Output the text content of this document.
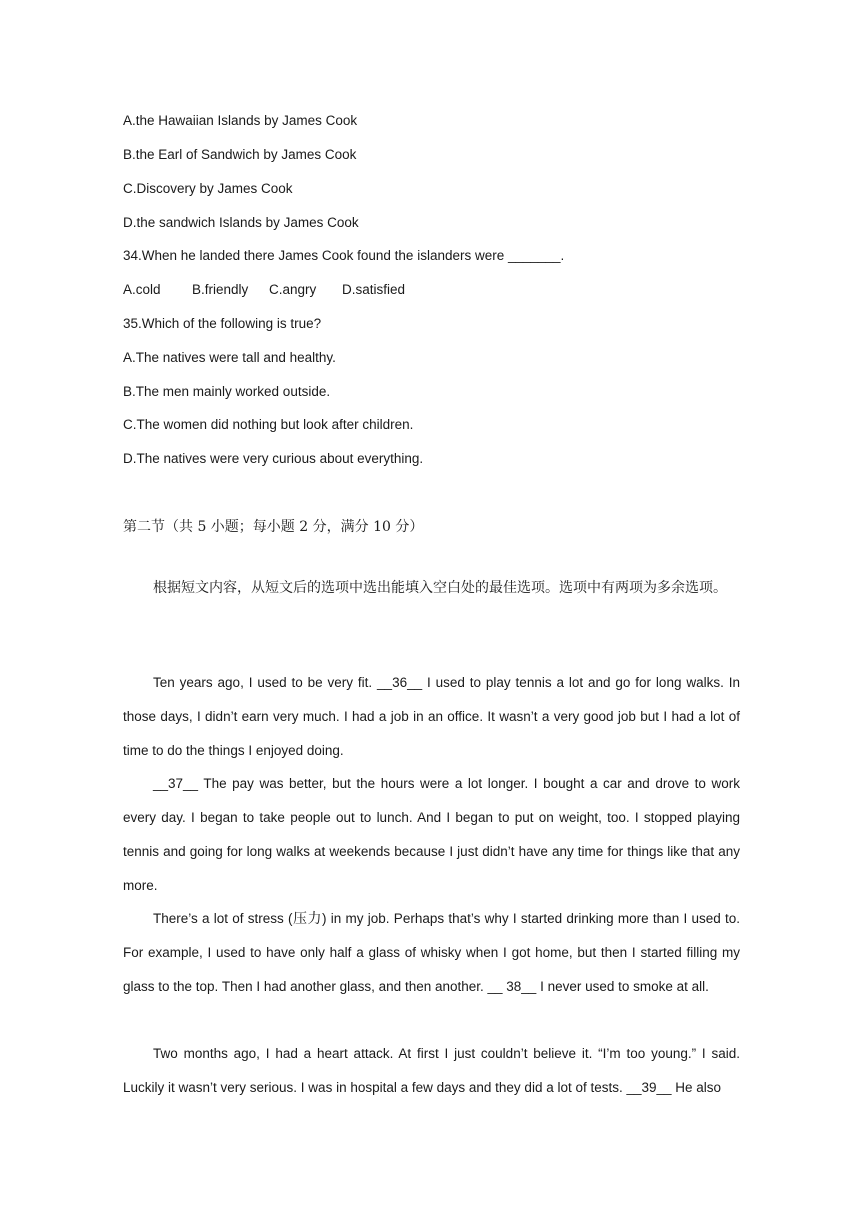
A.the Hawaiian Islands by James Cook
B.the Earl of Sandwich by James Cook
C.Discovery by James Cook
D.the sandwich Islands by James Cook
34.When he landed there James Cook found the islanders were _______.
A.cold B.friendly C.angry D.satisfied
35.Which of the following is true?
A.The natives were tall and healthy.
B.The men mainly worked outside.
C.The women did nothing but look after children.
D.The natives were very curious about everything.
第二节（共 5 小题；每小题 2 分，满分 10 分）

根据短文内容，从短文后的选项中选出能填入空白处的最佳选项。选项中有两项为多余选项。

Ten years ago, I used to be very fit. __36__ I used to play tennis a lot and go for long walks. In those days, I didn’t earn very much. I had a job in an office. It wasn’t a very good job but I had a lot of time to do the things I enjoyed doing.

__37__ The pay was better, but the hours were a lot longer. I bought a car and drove to work every day. I began to take people out to lunch. And I began to put on weight, too. I stopped playing tennis and going for long walks at weekends because I just didn’t have any time for things like that any more.

There’s a lot of stress (压力) in my job. Perhaps that’s why I started drinking more than I used to. For example, I used to have only half a glass of whisky when I got home, but then I started filling my glass to the top. Then I had another glass, and then another. __ 38__ I never used to smoke at all.

Two months ago, I had a heart attack. At first I just couldn’t believe it. “I’m too young.” I said. Luckily it wasn’t very serious. I was in hospital a few days and they did a lot of tests. __39__ He also
